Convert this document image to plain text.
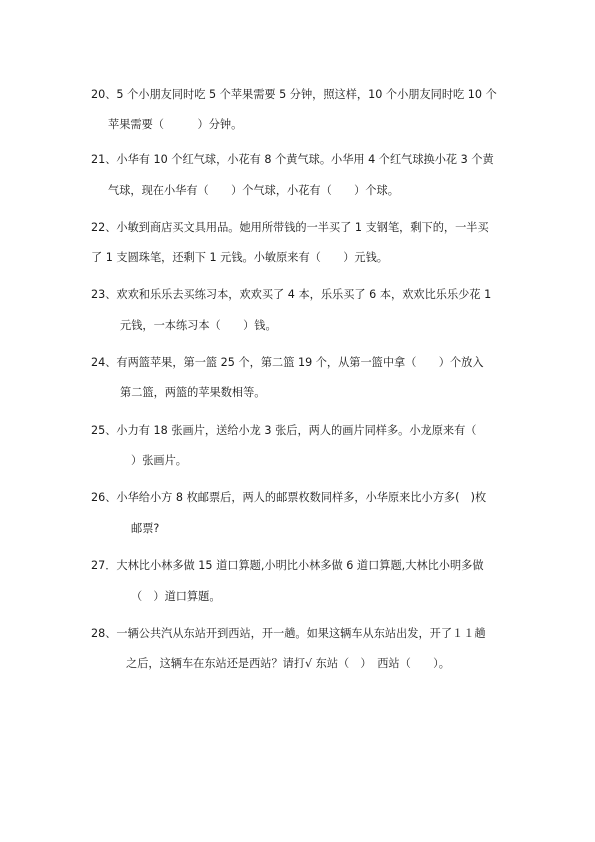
20、5 个小朋友同时吃 5 个苹果需要 5 分钟，照这样，10 个小朋友同时吃 10 个
苹果需要（　　　）分钟。
21、小华有 10 个红气球，小花有 8 个黄气球。小华用 4 个红气球换小花 3 个黄
气球，现在小华有（　　）个气球，小花有（　　）个球。
22、小敏到商店买文具用品。她用所带钱的一半买了 1 支钢笔，剩下的，一半买
了 1 支圆珠笔，还剩下 1 元钱。小敏原来有（　　）元钱。
23、欢欢和乐乐去买练习本，欢欢买了 4 本，乐乐买了 6 本，欢欢比乐乐少花 1
元钱，一本练习本（　　）钱。
24、有两篮苹果，第一篮 25 个，第二篮 19 个，从第一篮中拿（　　）个放入
第二篮，两篮的苹果数相等。
25、小力有 18 张画片，送给小龙 3 张后，两人的画片同样多。小龙原来有（
）张画片。
26、小华给小方 8 枚邮票后，两人的邮票枚数同样多，小华原来比小方多(　)枚
邮票?
27．大林比小林多做 15 道口算题,小明比小林多做 6 道口算题,大林比小明多做
（　）道口算题。
28、一辆公共汽从东站开到西站，开一趟。如果这辆车从东站出发，开了１１趟
之后，这辆车在东站还是西站？请打√ 东站（　）　西站（　　）。
